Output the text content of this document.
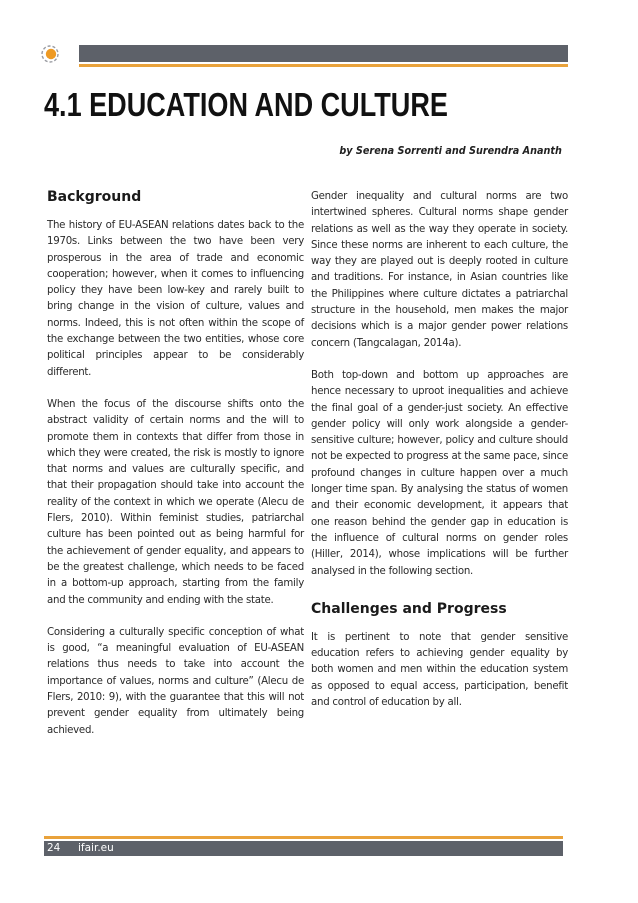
4.1 EDUCATION AND CULTURE
by Serena Sorrenti and Surendra Ananth
Background

The history of EU-ASEAN relations dates back to the 1970s. Links between the two have been very prosperous in the area of trade and economic cooperation; however, when it comes to influencing policy they have been low-key and rarely built to bring change in the vision of culture, values and norms. Indeed, this is not often within the scope of the exchange between the two entities, whose core political principles appear to be considerably different.

When the focus of the discourse shifts onto the abstract validity of certain norms and the will to promote them in contexts that differ from those in which they were created, the risk is mostly to ignore that norms and values are culturally specific, and that their propagation should take into account the reality of the context in which we operate (Alecu de Flers, 2010). Within feminist studies, patriarchal culture has been pointed out as being harmful for the achievement of gender equality, and appears to be the greatest challenge, which needs to be faced in a bottom-up approach, starting from the family and the community and ending with the state.

Considering a culturally specific conception of what is good, “a meaningful evaluation of EU-ASEAN relations thus needs to take into account the importance of values, norms and culture” (Alecu de Flers, 2010: 9), with the guarantee that this will not prevent gender equality from ultimately being achieved.

Gender inequality and cultural norms are two intertwined spheres. Cultural norms shape gender relations as well as the way they operate in society. Since these norms are inherent to each culture, the way they are played out is deeply rooted in culture and traditions. For instance, in Asian countries like the Philippines where culture dictates a patriarchal structure in the household, men makes the major decisions which is a major gender power relations concern (Tangcalagan, 2014a).

Both top-down and bottom up approaches are hence necessary to uproot inequalities and achieve the final goal of a gender-just society. An effective gender policy will only work alongside a gender-sensitive culture; however, policy and culture should not be expected to progress at the same pace, since profound changes in culture happen over a much longer time span. By analysing the status of women and their economic development, it appears that one reason behind the gender gap in education is the influence of cultural norms on gender roles (Hiller, 2014), whose implications will be further analysed in the following section.

Challenges and Progress

It is pertinent to note that gender sensitive education refers to achieving gender equality by both women and men within the education system as opposed to equal access, participation, benefit and control of education by all.

24 ifair.eu
